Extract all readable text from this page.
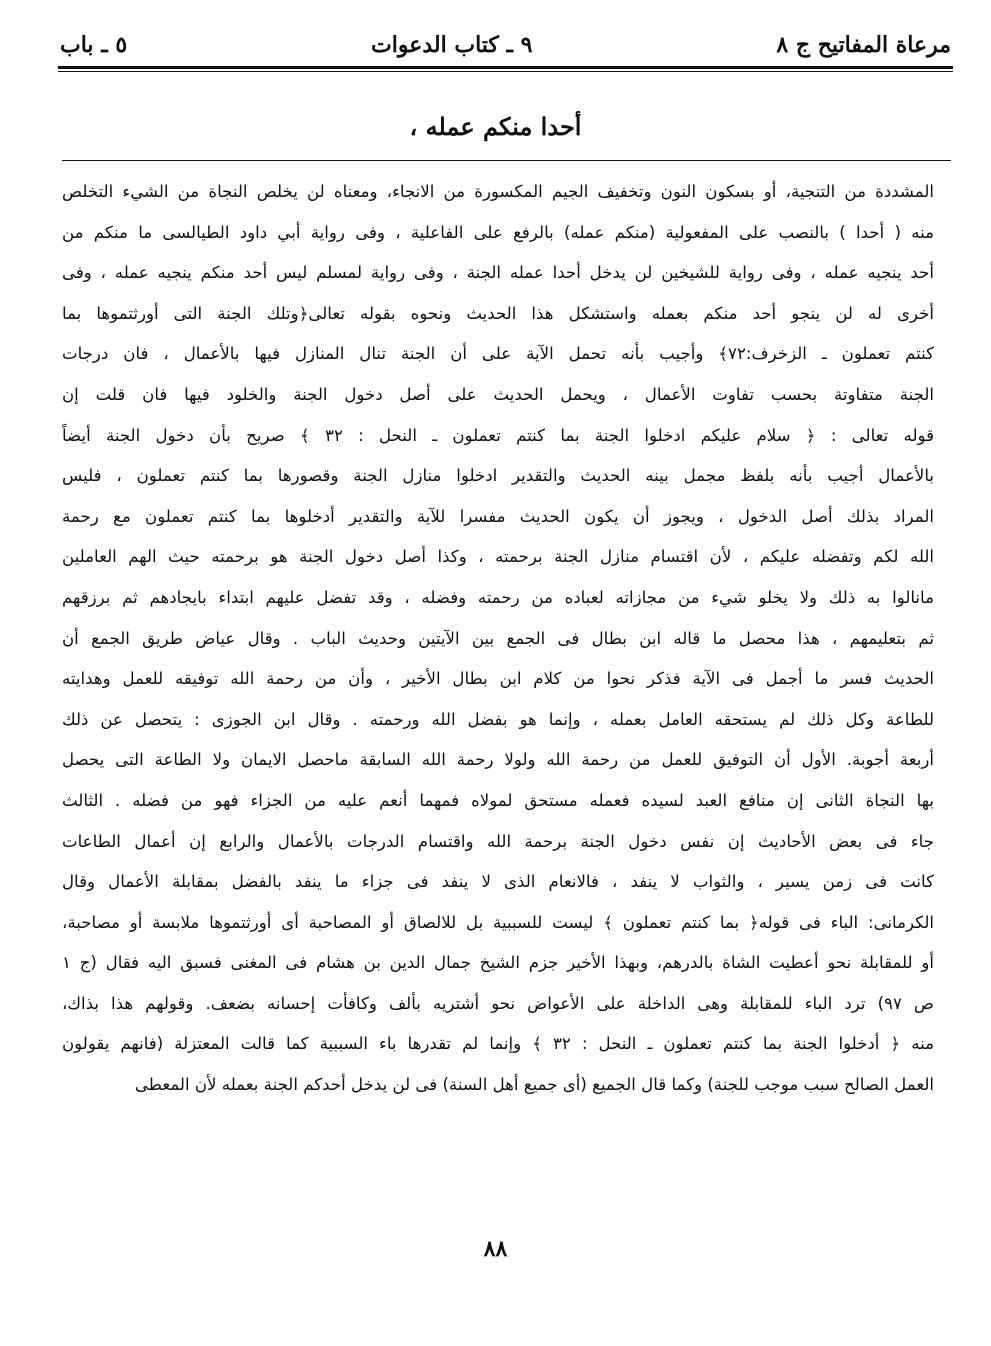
مرعاة المفاتيح ج ٨
٩ ـ كتاب الدعوات
٥ ـ باب
أحدا منكم عمله ،
المشددة من التنجية، أو بسكون النون وتخفيف الجيم المكسورة من الانجاء، ومعناه لن يخلص النجاة من الشيء التخلص
منه ( أحدا ) بالنصب على المفعولية (منكم عمله) بالرفع على الفاعلية ، وفى رواية أبي داود الطيالسى ما منكم من
أحد ينجيه عمله ، وفى رواية للشيخين لن يدخل أحدا عمله الجنة ، وفى رواية لمسلم ليس أحد منكم ينجيه عمله ، وفى
أخرى له لن ينجو أحد منكم بعمله واستشكل هذا الحديث ونحوه بقوله تعالى﴿وتلك الجنة التى أورثتموها بما
كنتم تعملون ـ الزخرف:٧٢﴾ وأجيب بأنه تحمل الآية على أن الجنة تنال المنازل فيها بالأعمال ، فان درجات
الجنة متفاوتة بحسب تفاوت الأعمال ، ويحمل الحديث على أصل دخول الجنة والخلود فيها فان قلت إن
قوله تعالى : ﴿ سلام عليكم ادخلوا الجنة بما كنتم تعملون ـ النحل : ٣٢ ﴾ صريح بأن دخول الجنة أيضاً
بالأعمال أجيب بأنه بلفظ مجمل بينه الحديث والتقدير ادخلوا منازل الجنة وقصورها بما كنتم تعملون ، فليس
المراد بذلك أصل الدخول ، ويجوز أن يكون الحديث مفسرا للآية والتقدير أدخلوها بما كنتم تعملون مع رحمة
الله لكم وتفضله عليكم ، لأن اقتسام منازل الجنة برحمته ، وكذا أصل دخول الجنة هو برحمته حيث الهم العاملين
مانالوا به ذلك ولا يخلو شيء من مجازاته لعباده من رحمته وفضله ، وقد تفضل عليهم ابتداء بايجادهم ثم برزقهم
ثم بتعليمهم ، هذا محصل ما قاله ابن بطال فى الجمع بين الآيتين وحديث الباب . وقال عياض طريق الجمع أن
الحديث فسر ما أجمل فى الآية فذكر نحوا من كلام ابن بطال الأخير ، وأن من رحمة الله توفيقه للعمل وهدايته
للطاعة وكل ذلك لم يستحقه العامل بعمله ، وإنما هو بفضل الله ورحمته . وقال ابن الجوزى : يتحصل عن ذلك
أربعة أجوبة. الأول أن التوفيق للعمل من رحمة الله ولولا رحمة الله السابقة ماحصل الايمان ولا الطاعة التى يحصل
بها النجاة الثانى إن منافع العبد لسيده فعمله مستحق لمولاه فمهما أنعم عليه من الجزاء فهو من فضله . الثالث
جاء فى بعض الأحاديث إن نفس دخول الجنة برحمة الله واقتسام الدرجات بالأعمال والرابع إن أعمال الطاعات
كانت فى زمن يسير ، والثواب لا ينفد ، فالانعام الذى لا ينفد فى جزاء ما ينفد بالفضل بمقابلة الأعمال وقال
الكرمانى: الباء فى قوله﴿ بما كنتم تعملون ﴾ ليست للسببية بل للالصاق أو المصاحبة أى أورثتموها ملابسة أو مصاحبة،
أو للمقابلة نحو أعطيت الشاة بالدرهم، وبهذا الأخير جزم الشيخ جمال الدين بن هشام فى المغنى فسبق اليه فقال (ج ١
ص ٩٧) ترد الباء للمقابلة وهى الداخلة على الأعواض نحو أشتريه بألف وكافأت إحسانه بضعف. وقولهم هذا بذاك،
منه ﴿ أدخلوا الجنة بما كنتم تعملون ـ النحل : ٣٢ ﴾ وإنما لم تقدرها باء السببية كما قالت المعتزلة (فانهم يقولون
العمل الصالح سبب موجب للجنة) وكما قال الجميع (أى جميع أهل السنة) فى لن يدخل أحدكم الجنة بعمله لأن المعطى
٨٨
